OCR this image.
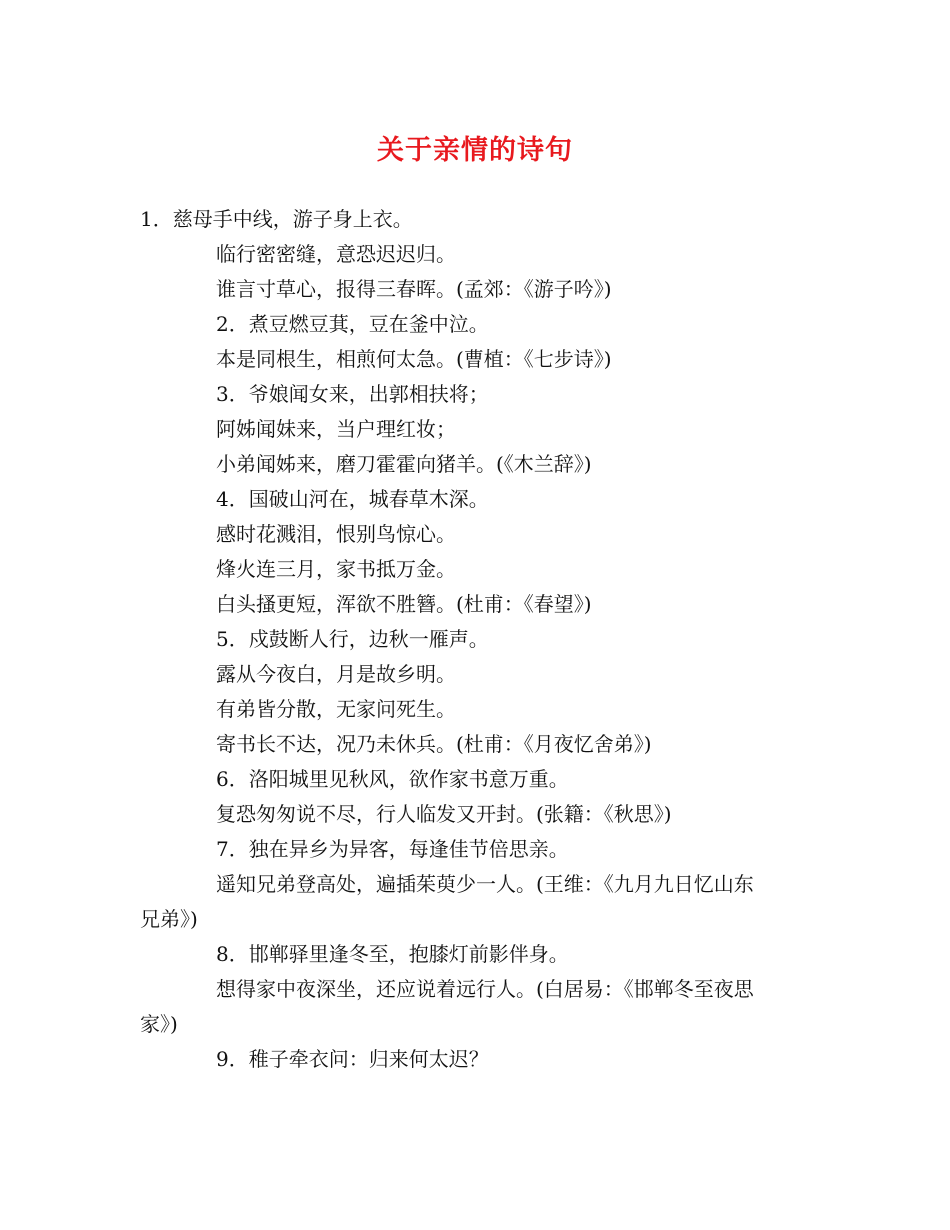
关于亲情的诗句
1．慈母手中线，游子身上衣。
临行密密缝，意恐迟迟归。
谁言寸草心，报得三春晖。(孟郊：《游子吟》)
2．煮豆燃豆萁，豆在釜中泣。
本是同根生，相煎何太急。(曹植：《七步诗》)
3．爷娘闻女来，出郭相扶将；
阿姊闻妹来，当户理红妆；
小弟闻姊来，磨刀霍霍向猪羊。(《木兰辞》)
4．国破山河在，城春草木深。
感时花溅泪，恨别鸟惊心。
烽火连三月，家书抵万金。
白头搔更短，浑欲不胜簪。(杜甫：《春望》)
5．戍鼓断人行，边秋一雁声。
露从今夜白，月是故乡明。
有弟皆分散，无家问死生。
寄书长不达，况乃未休兵。(杜甫：《月夜忆舍弟》)
6．洛阳城里见秋风，欲作家书意万重。
复恐匆匆说不尽，行人临发又开封。(张籍：《秋思》)
7．独在异乡为异客，每逢佳节倍思亲。
遥知兄弟登高处，遍插茱萸少一人。(王维：《九月九日忆山东
兄弟》)
8．邯郸驿里逢冬至，抱膝灯前影伴身。
想得家中夜深坐，还应说着远行人。(白居易：《邯郸冬至夜思
家》)
9．稚子牵衣问：归来何太迟？
